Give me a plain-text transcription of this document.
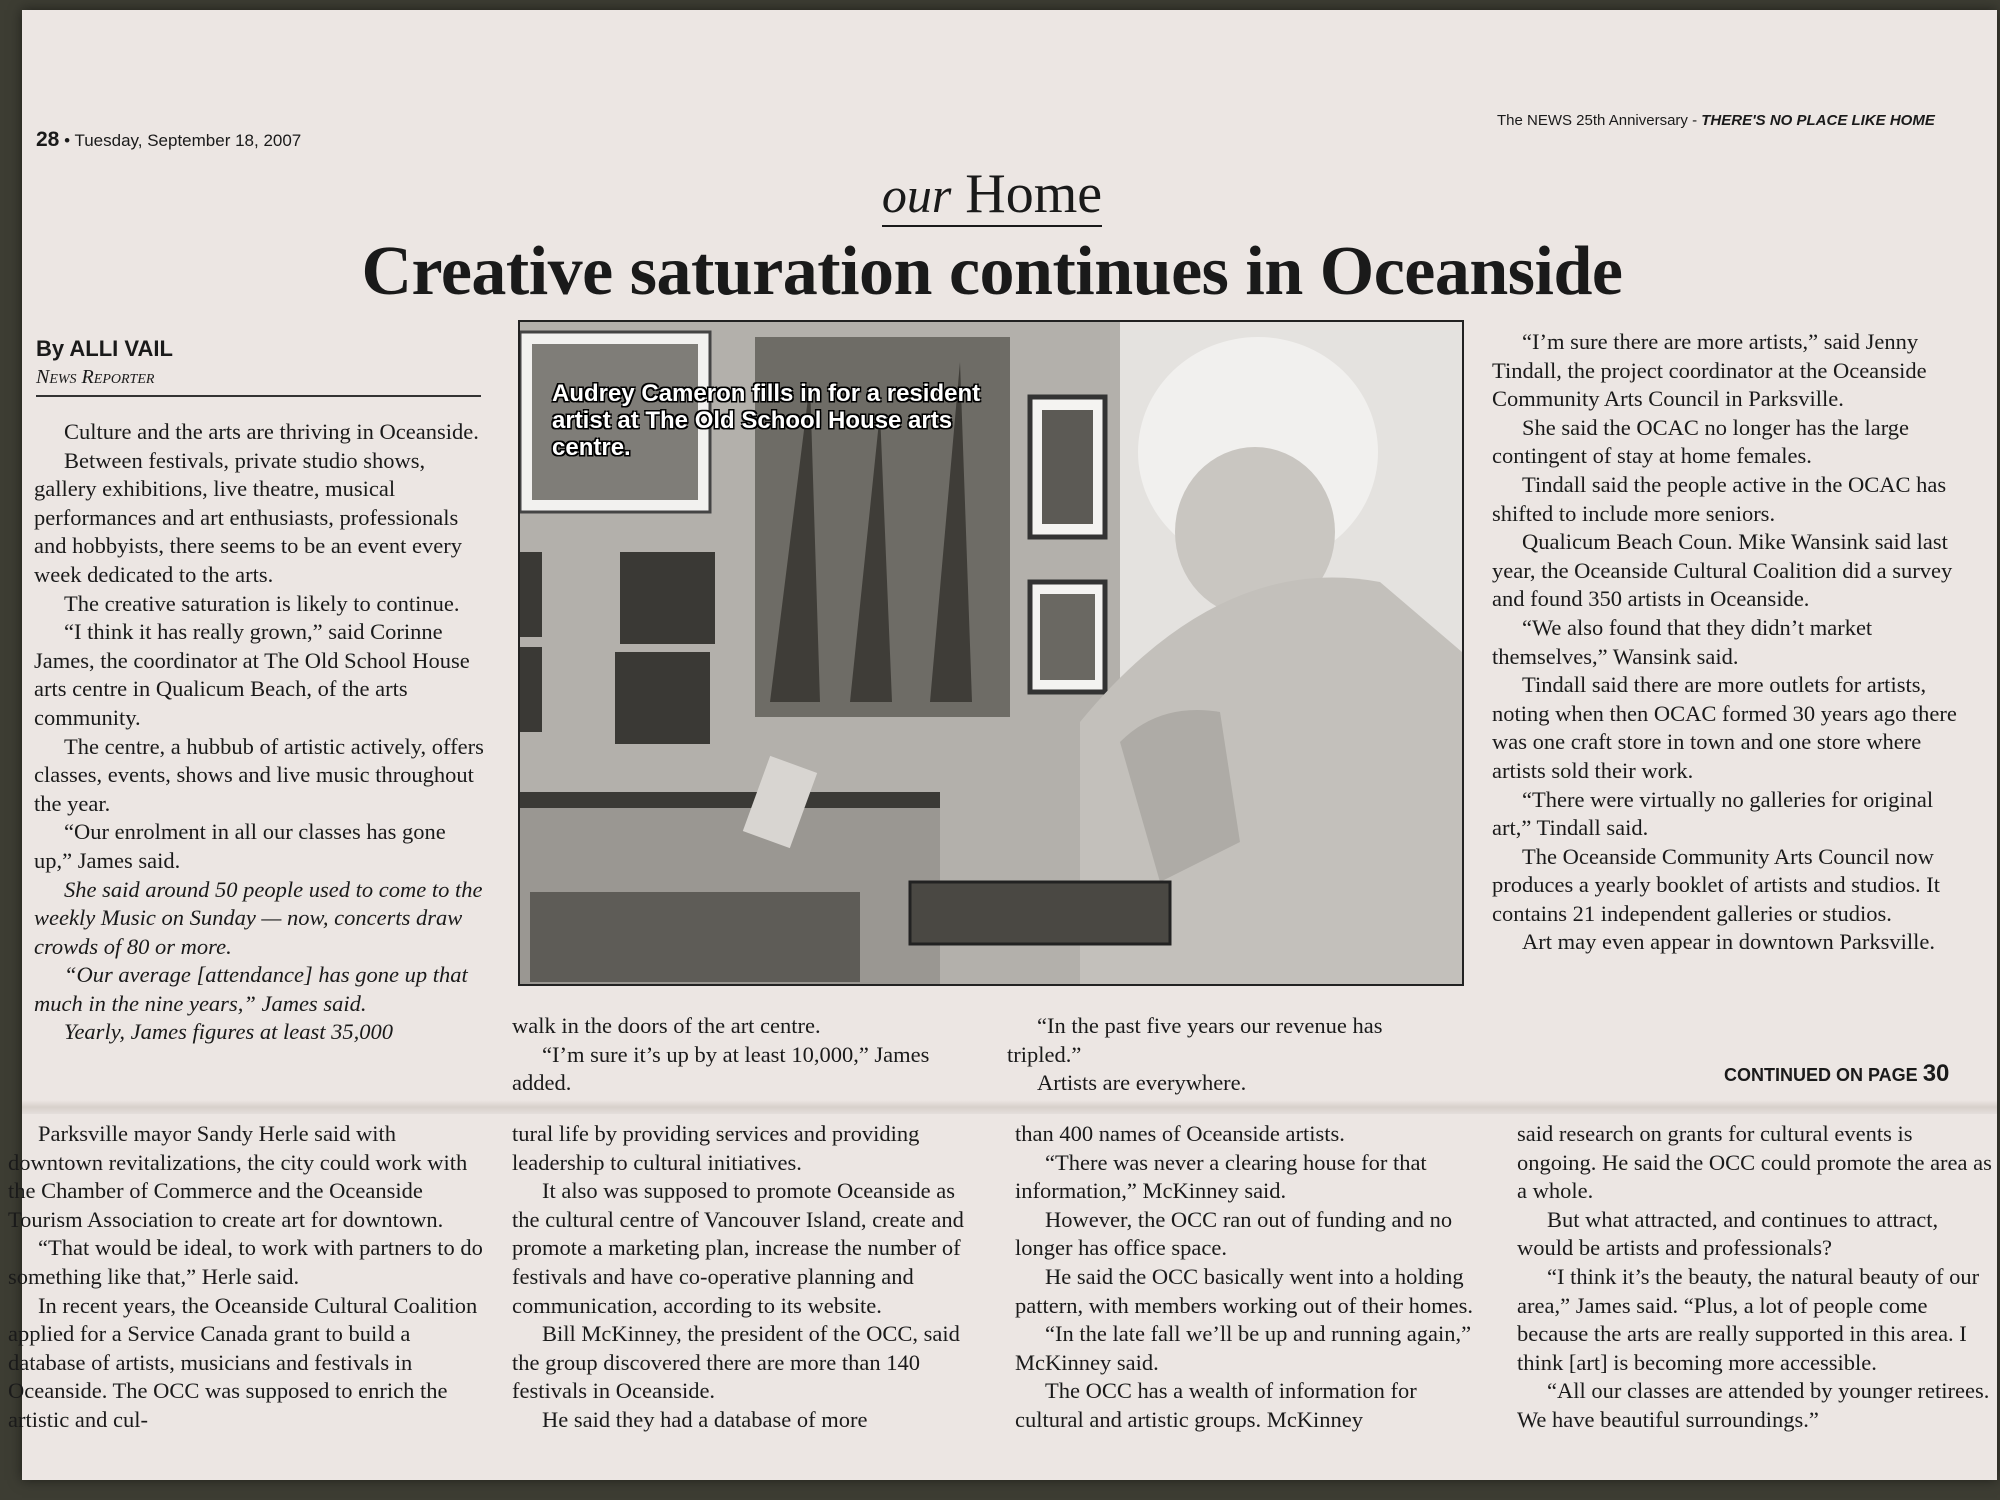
28 • Tuesday, September 18, 2007
The NEWS 25th Anniversary - THERE'S NO PLACE LIKE HOME
our Home
Creative saturation continues in Oceanside
By ALLI VAIL
News Reporter

Culture and the arts are thriving in Oceanside.

Between festivals, private studio shows, gallery exhibitions, live theatre, musical performances and art enthusiasts, professionals and hobbyists, there seems to be an event every week dedicated to the arts.

The creative saturation is likely to continue.

“I think it has really grown,” said Corinne James, the coordinator at The Old School House arts centre in Qualicum Beach, of the arts community.

The centre, a hubbub of artistic actively, offers classes, events, shows and live music throughout the year.

“Our enrolment in all our classes has gone up,” James said.

She said around 50 people used to come to the weekly Music on Sunday — now, concerts draw crowds of 80 or more.

“Our average [attendance] has gone up that much in the nine years,” James said.

Yearly, James figures at least 35,000

Audrey Cameron fills in for a resident artist at The Old School House arts centre.

walk in the doors of the art centre.

“I’m sure it’s up by at least 10,000,” James added.

“In the past five years our revenue has tripled.”

Artists are everywhere.

“I’m sure there are more artists,” said Jenny Tindall, the project coordinator at the Oceanside Community Arts Council in Parksville.

She said the OCAC no longer has the large contingent of stay at home females.

Tindall said the people active in the OCAC has shifted to include more seniors.

Qualicum Beach Coun. Mike Wansink said last year, the Oceanside Cultural Coalition did a survey and found 350 artists in Oceanside.

“We also found that they didn’t market themselves,” Wansink said.

Tindall said there are more outlets for artists, noting when then OCAC formed 30 years ago there was one craft store in town and one store where artists sold their work.

“There were virtually no galleries for original art,” Tindall said.

The Oceanside Community Arts Council now produces a yearly booklet of artists and studios. It contains 21 independent galleries or studios.

Art may even appear in downtown Parksville.

CONTINUED ON PAGE 30

Parksville mayor Sandy Herle said with downtown revitalizations, the city could work with the Chamber of Commerce and the Oceanside Tourism Association to create art for downtown.

“That would be ideal, to work with partners to do something like that,” Herle said.

In recent years, the Oceanside Cultural Coalition applied for a Service Canada grant to build a database of artists, musicians and festivals in Oceanside. The OCC was supposed to enrich the artistic and cul-

tural life by providing services and providing leadership to cultural initiatives.

It also was supposed to promote Oceanside as the cultural centre of Vancouver Island, create and promote a marketing plan, increase the number of festivals and have co-operative planning and communication, according to its website.

Bill McKinney, the president of the OCC, said the group discovered there are more than 140 festivals in Oceanside.

He said they had a database of more

than 400 names of Oceanside artists.

“There was never a clearing house for that information,” McKinney said.

However, the OCC ran out of funding and no longer has office space.

He said the OCC basically went into a holding pattern, with members working out of their homes.

“In the late fall we’ll be up and running again,” McKinney said.

The OCC has a wealth of information for cultural and artistic groups. McKinney

said research on grants for cultural events is ongoing. He said the OCC could promote the area as a whole.

But what attracted, and continues to attract, would be artists and professionals?

“I think it’s the beauty, the natural beauty of our area,” James said. “Plus, a lot of people come because the arts are really supported in this area. I think [art] is becoming more accessible.

“All our classes are attended by younger retirees. We have beautiful surroundings.”
